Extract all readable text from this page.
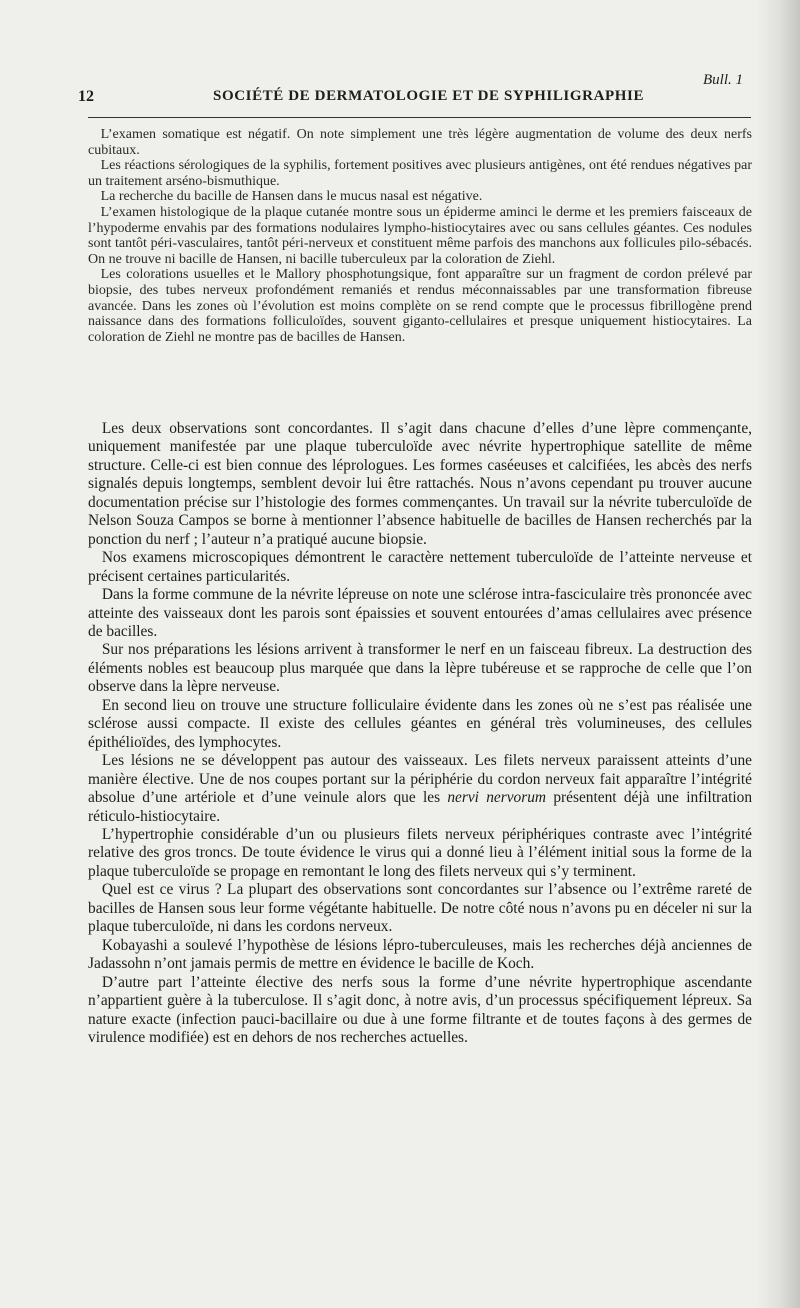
Bull. 1
12	SOCIÉTÉ DE DERMATOLOGIE ET DE SYPHILIGRAPHIE

L’examen somatique est négatif. On note simplement une très légère augmentation de volume des deux nerfs cubitaux.

Les réactions sérologiques de la syphilis, fortement positives avec plusieurs antigènes, ont été rendues négatives par un traitement arséno-bismuthique.

La recherche du bacille de Hansen dans le mucus nasal est négative.

L’examen histologique de la plaque cutanée montre sous un épiderme aminci le derme et les premiers faisceaux de l’hypoderme envahis par des formations nodulaires lympho-histiocytaires avec ou sans cellules géantes. Ces nodules sont tantôt péri-vasculaires, tantôt péri-nerveux et constituent même parfois des manchons aux follicules pilo-sébacés. On ne trouve ni bacille de Hansen, ni bacille tuberculeux par la coloration de Ziehl.

Les colorations usuelles et le Mallory phosphotungsique, font apparaître sur un fragment de cordon prélevé par biopsie, des tubes nerveux profondément remaniés et rendus méconnaissables par une transformation fibreuse avancée. Dans les zones où l’évolution est moins complète on se rend compte que le processus fibrillogène prend naissance dans des formations folliculoïdes, souvent giganto-cellulaires et presque uniquement histiocytaires. La coloration de Ziehl ne montre pas de bacilles de Hansen.

Les deux observations sont concordantes. Il s’agit dans chacune d’elles d’une lèpre commençante, uniquement manifestée par une plaque tuberculoïde avec névrite hypertrophique satellite de même structure. Celle-ci est bien connue des léprologues. Les formes caséeuses et calcifiées, les abcès des nerfs signalés depuis longtemps, semblent devoir lui être rattachés. Nous n’avons cependant pu trouver aucune documentation précise sur l’histologie des formes commençantes. Un travail sur la névrite tuberculoïde de Nelson Souza Campos se borne à mentionner l’absence habituelle de bacilles de Hansen recherchés par la ponction du nerf ; l’auteur n’a pratiqué aucune biopsie.

Nos examens microscopiques démontrent le caractère nettement tuberculoïde de l’atteinte nerveuse et précisent certaines particularités.

Dans la forme commune de la névrite lépreuse on note une sclérose intra-fasciculaire très prononcée avec atteinte des vaisseaux dont les parois sont épaissies et souvent entourées d’amas cellulaires avec présence de bacilles.

Sur nos préparations les lésions arrivent à transformer le nerf en un faisceau fibreux. La destruction des éléments nobles est beaucoup plus marquée que dans la lèpre tubéreuse et se rapproche de celle que l’on observe dans la lèpre nerveuse.

En second lieu on trouve une structure folliculaire évidente dans les zones où ne s’est pas réalisée une sclérose aussi compacte. Il existe des cellules géantes en général très volumineuses, des cellules épithélioïdes, des lymphocytes.

Les lésions ne se développent pas autour des vaisseaux. Les filets nerveux paraissent atteints d’une manière élective. Une de nos coupes portant sur la périphérie du cordon nerveux fait apparaître l’intégrité absolue d’une artériole et d’une veinule alors que les nervi nervorum présentent déjà une infiltration réticulo-histiocytaire.

L’hypertrophie considérable d’un ou plusieurs filets nerveux périphériques contraste avec l’intégrité relative des gros troncs. De toute évidence le virus qui a donné lieu à l’élément initial sous la forme de la plaque tuberculoïde se propage en remontant le long des filets nerveux qui s’y terminent.

Quel est ce virus ? La plupart des observations sont concordantes sur l’absence ou l’extrême rareté de bacilles de Hansen sous leur forme végétante habituelle. De notre côté nous n’avons pu en déceler ni sur la plaque tuberculoïde, ni dans les cordons nerveux.

Kobayashi a soulevé l’hypothèse de lésions lépro-tuberculeuses, mais les recherches déjà anciennes de Jadassohn n’ont jamais permis de mettre en évidence le bacille de Koch.

D’autre part l’atteinte élective des nerfs sous la forme d’une névrite hypertrophique ascendante n’appartient guère à la tuberculose. Il s’agit donc, à notre avis, d’un processus spécifiquement lépreux. Sa nature exacte (infection pauci-bacillaire ou due à une forme filtrante et de toutes façons à des germes de virulence modifiée) est en dehors de nos recherches actuelles.
